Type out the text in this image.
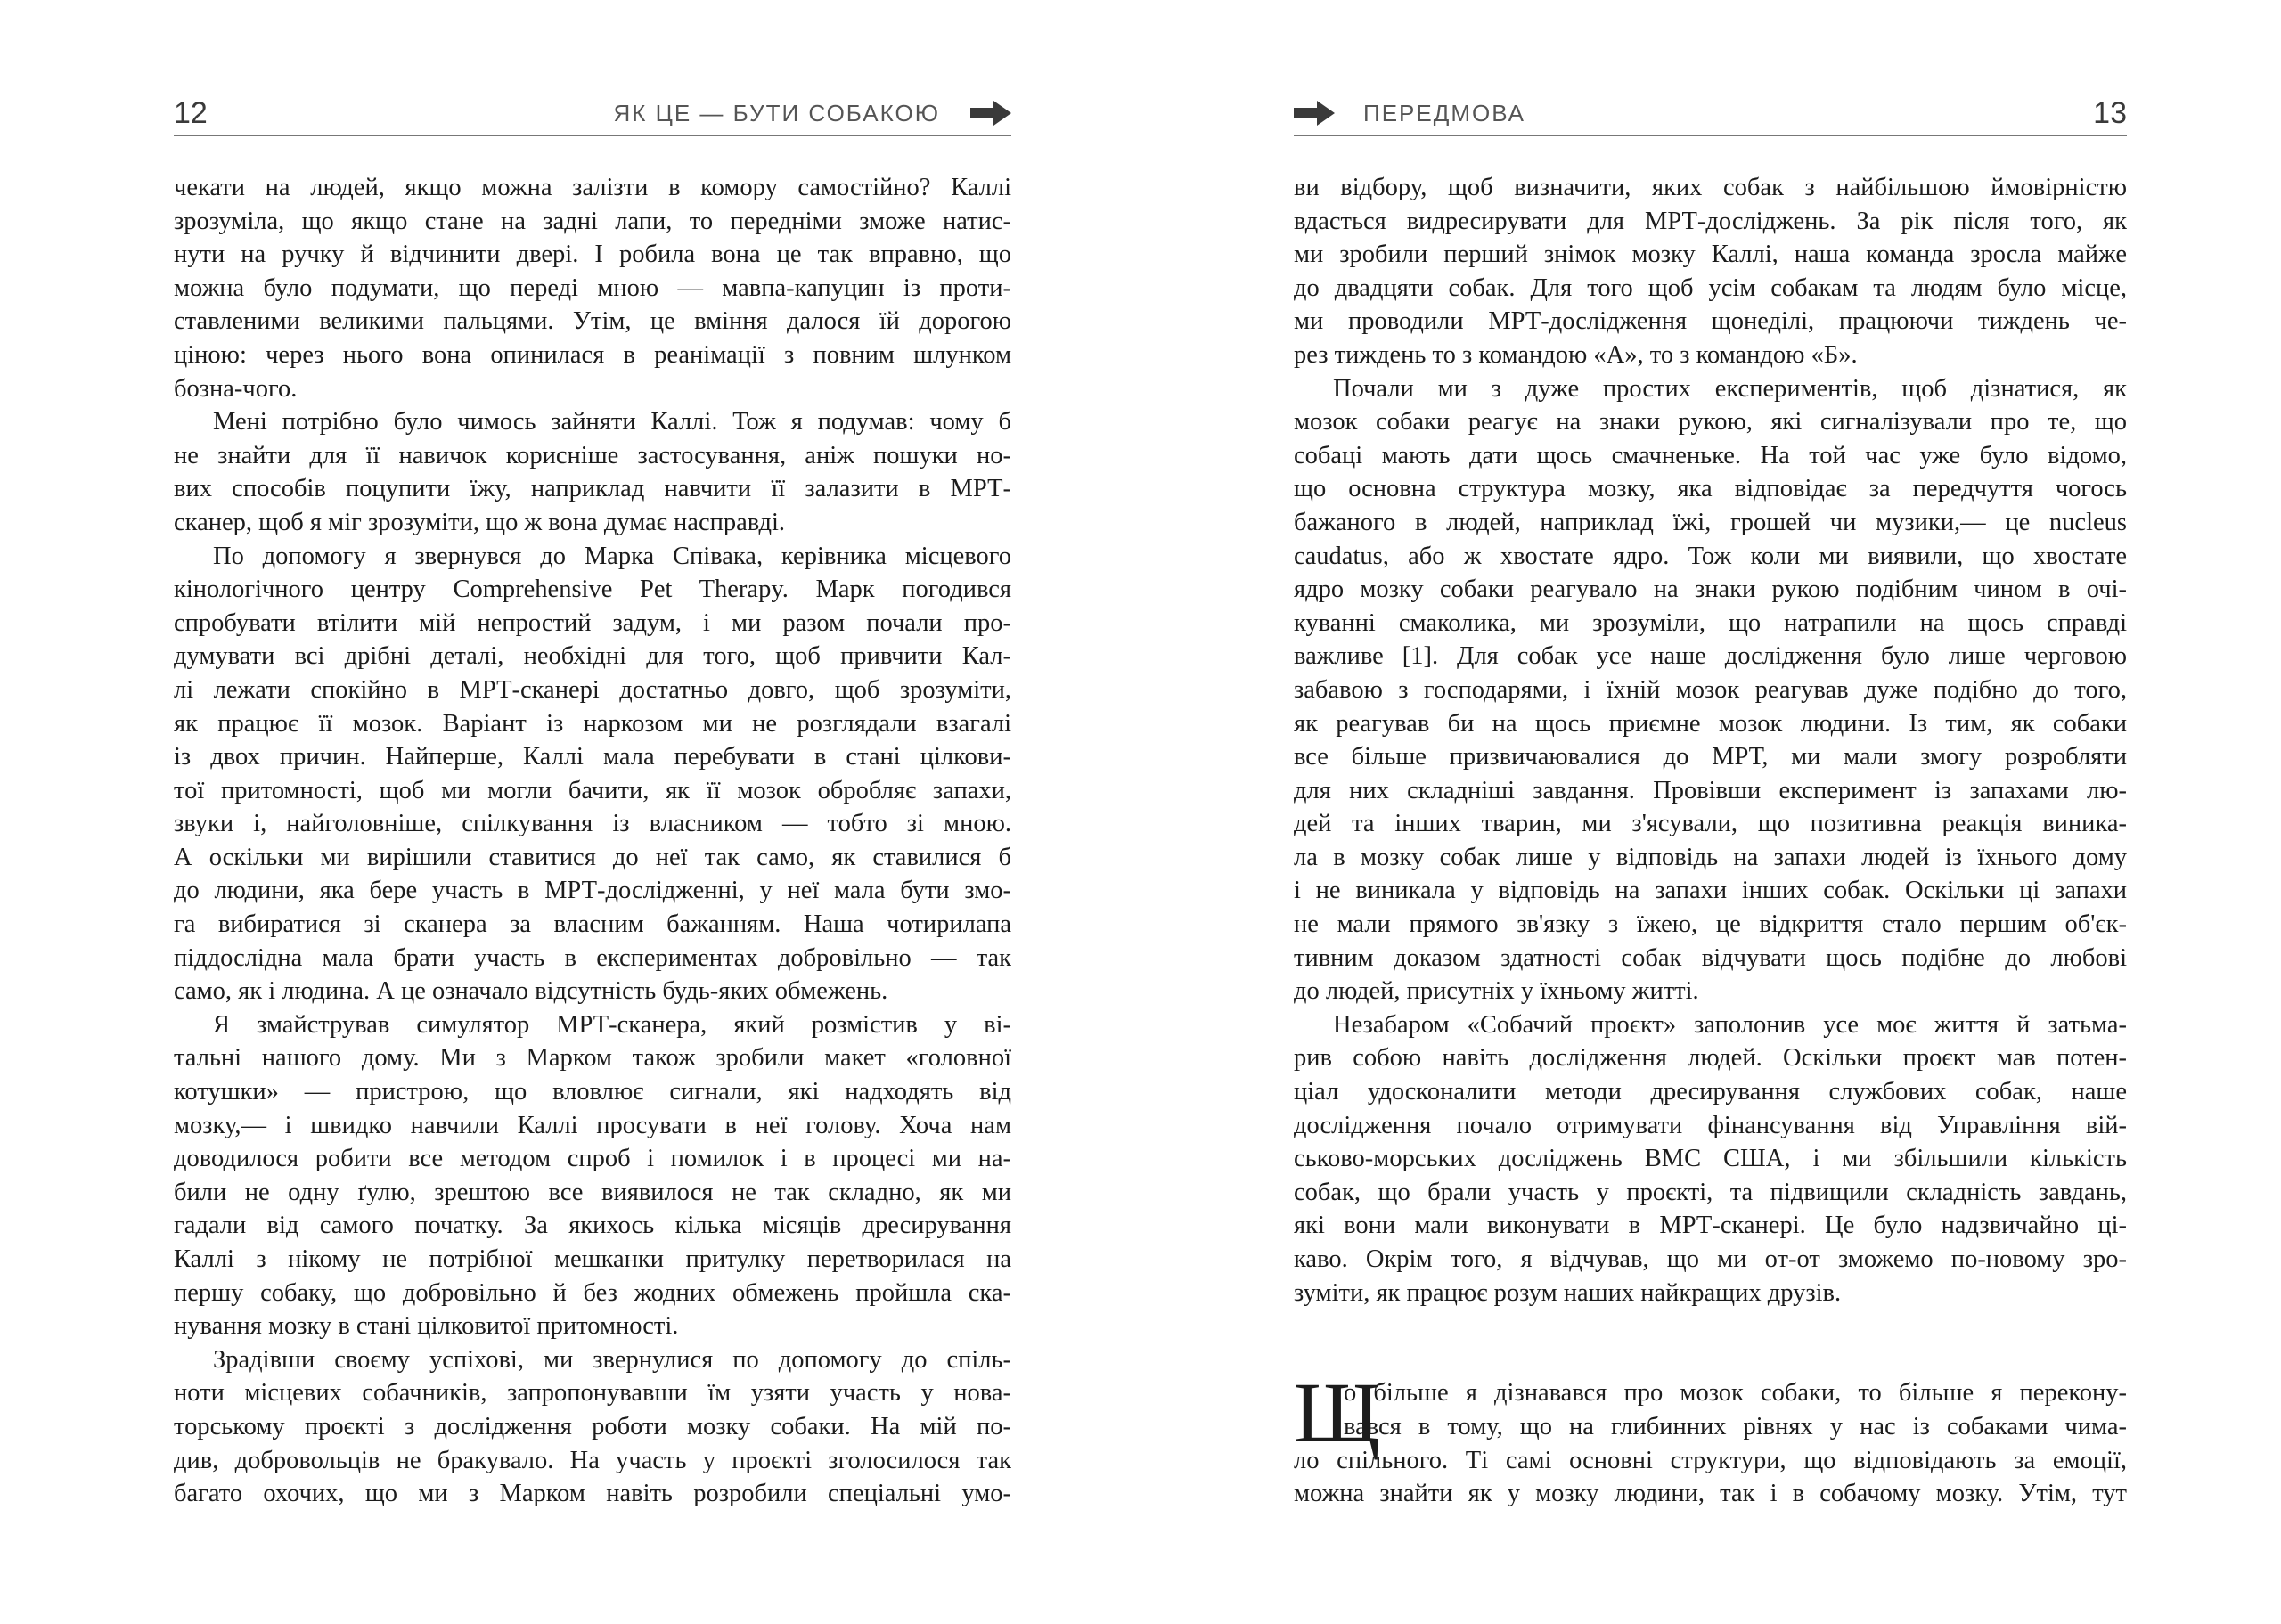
12	ЯК ЦЕ — БУТИ СОБАКОЮ
чекати на людей, якщо можна залізти в комору самостійно? Каллі
зрозуміла, що якщо стане на задні лапи, то передніми зможе натис-
нути на ручку й відчинити двері. І робила вона це так вправно, що
можна було подумати, що переді мною — мавпа-капуцин із проти-
ставленими великими пальцями. Утім, це вміння далося їй дорогою
ціною: через нього вона опинилася в реанімації з повним шлунком
бозна-чого.
Мені потрібно було чимось зайняти Каллі. Тож я подумав: чому б
не знайти для її навичок корисніше застосування, аніж пошуки но-
вих способів поцупити їжу, наприклад навчити її залазити в МРТ-
сканер, щоб я міг зрозуміти, що ж вона думає насправді.
По допомогу я звернувся до Марка Співака, керівника місцевого
кінологічного центру Comprehensive Pet Therapy. Марк погодився
спробувати втілити мій непростий задум, і ми разом почали про-
думувати всі дрібні деталі, необхідні для того, щоб привчити Кал-
лі лежати спокійно в МРТ-сканері достатньо довго, щоб зрозуміти,
як працює її мозок. Варіант із наркозом ми не розглядали взагалі
із двох причин. Найперше, Каллі мала перебувати в стані цілкови-
тої притомності, щоб ми могли бачити, як її мозок обробляє запахи,
звуки і, найголовніше, спілкування із власником — тобто зі мною.
А оскільки ми вирішили ставитися до неї так само, як ставилися б
до людини, яка бере участь в МРТ-дослідженні, у неї мала бути змо-
га вибиратися зі сканера за власним бажанням. Наша чотирилапа
піддослідна мала брати участь в експериментах добровільно — так
само, як і людина. А це означало відсутність будь-яких обмежень.
Я змайстрував симулятор МРТ-сканера, який розмістив у ві-
тальні нашого дому. Ми з Марком також зробили макет «головної
котушки» — пристрою, що вловлює сигнали, які надходять від
мозку,— і швидко навчили Каллі просувати в неї голову. Хоча нам
доводилося робити все методом спроб і помилок і в процесі ми на-
били не одну ґулю, зрештою все виявилося не так складно, як ми
гадали від самого початку. За якихось кілька місяців дресирування
Каллі з нікому не потрібної мешканки притулку перетворилася на
першу собаку, що добровільно й без жодних обмежень пройшла ска-
нування мозку в стані цілковитої притомності.
Зрадівши своєму успіхові, ми звернулися по допомогу до спіль-
ноти місцевих собачників, запропонувавши їм узяти участь у нова-
торському проєкті з дослідження роботи мозку собаки. На мій по-
див, добровольців не бракувало. На участь у проєкті зголосилося так
багато охочих, що ми з Марком навіть розробили спеціальні умо-
ПЕРЕДМОВА	13
ви відбору, щоб визначити, яких собак з найбільшою ймовірністю
вдасться видресирувати для МРТ-досліджень. За рік після того, як
ми зробили перший знімок мозку Каллі, наша команда зросла майже
до двадцяти собак. Для того щоб усім собакам та людям було місце,
ми проводили МРТ-дослідження щонеділі, працюючи тиждень че-
рез тиждень то з командою «А», то з командою «Б».
Почали ми з дуже простих експериментів, щоб дізнатися, як
мозок собаки реагує на знаки рукою, які сигналізували про те, що
собаці мають дати щось смачненьке. На той час уже було відомо,
що основна структура мозку, яка відповідає за передчуття чогось
бажаного в людей, наприклад їжі, грошей чи музики,— це nucleus
caudatus, або ж хвостате ядро. Тож коли ми виявили, що хвостате
ядро мозку собаки реагувало на знаки рукою подібним чином в очі-
куванні смаколика, ми зрозуміли, що натрапили на щось справді
важливе [1]. Для собак усе наше дослідження було лише черговою
забавою з господарями, і їхній мозок реагував дуже подібно до того,
як реагував би на щось приємне мозок людини. Із тим, як собаки
все більше призвичаювалися до МРТ, ми мали змогу розробляти
для них складніші завдання. Провівши експеримент із запахами лю-
дей та інших тварин, ми з'ясували, що позитивна реакція виника-
ла в мозку собак лише у відповідь на запахи людей із їхнього дому
і не виникала у відповідь на запахи інших собак. Оскільки ці запахи
не мали прямого зв'язку з їжею, це відкриття стало першим об'єк-
тивним доказом здатності собак відчувати щось подібне до любові
до людей, присутніх у їхньому житті.
Незабаром «Собачий проєкт» заполонив усе моє життя й затьма-
рив собою навіть дослідження людей. Оскільки проєкт мав потен-
ціал удосконалити методи дресирування службових собак, наше
дослідження почало отримувати фінансування від Управління вій-
ськово-морських досліджень ВМС США, і ми збільшили кількість
собак, що брали участь у проєкті, та підвищили складність завдань,
які вони мали виконувати в МРТ-сканері. Це було надзвичайно ці-
каво. Окрім того, я відчував, що ми от-от зможемо по-новому зро-
зуміти, як працює розум наших найкращих друзів.
Щ
о більше я дізнавався про мозок собаки, то більше я перекону-
вався в тому, що на глибинних рівнях у нас із собаками чима-
ло спільного. Ті самі основні структури, що відповідають за емоції,
можна знайти як у мозку людини, так і в собачому мозку. Утім, тут
